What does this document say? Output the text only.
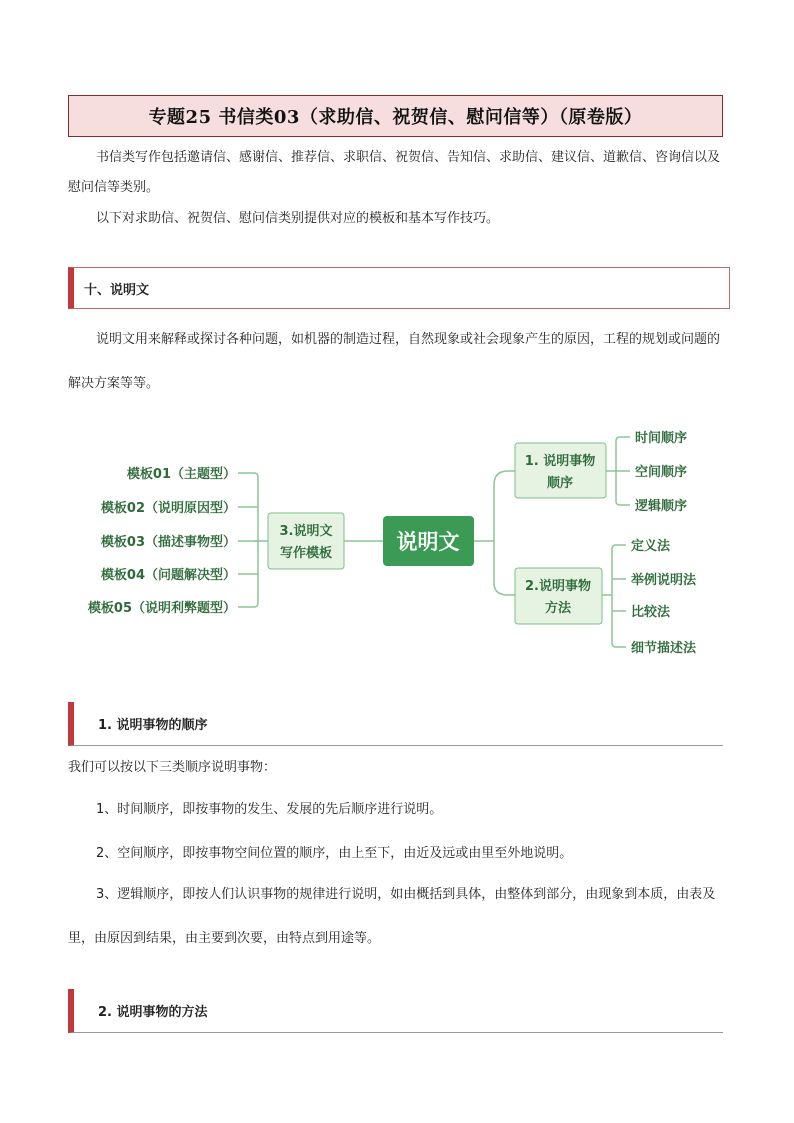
专题25 书信类03（求助信、祝贺信、慰问信等）（原卷版）

书信类写作包括邀请信、感谢信、推荐信、求职信、祝贺信、告知信、求助信、建议信、道歉信、咨询信以及慰问信等类别。

以下对求助信、祝贺信、慰问信类别提供对应的模板和基本写作技巧。

十、说明文

说明文用来解释或探讨各种问题，如机器的制造过程，自然现象或社会现象产生的原因，工程的规划或问题的解决方案等等。

说明文
3.说明文
写作模板
模板01（主题型）
模板02（说明原因型）
模板03（描述事物型）
模板04（问题解决型）
模板05（说明利弊题型）
1. 说明事物
顺序
时间顺序
空间顺序
逻辑顺序
2.说明事物
方法
定义法
举例说明法
比较法
细节描述法
1. 说明事物的顺序

我们可以按以下三类顺序说明事物：

1、时间顺序，即按事物的发生、发展的先后顺序进行说明。

2、空间顺序，即按事物空间位置的顺序，由上至下，由近及远或由里至外地说明。

3、逻辑顺序，即按人们认识事物的规律进行说明，如由概括到具体，由整体到部分，由现象到本质，由表及里，由原因到结果，由主要到次要，由特点到用途等。

2. 说明事物的方法
